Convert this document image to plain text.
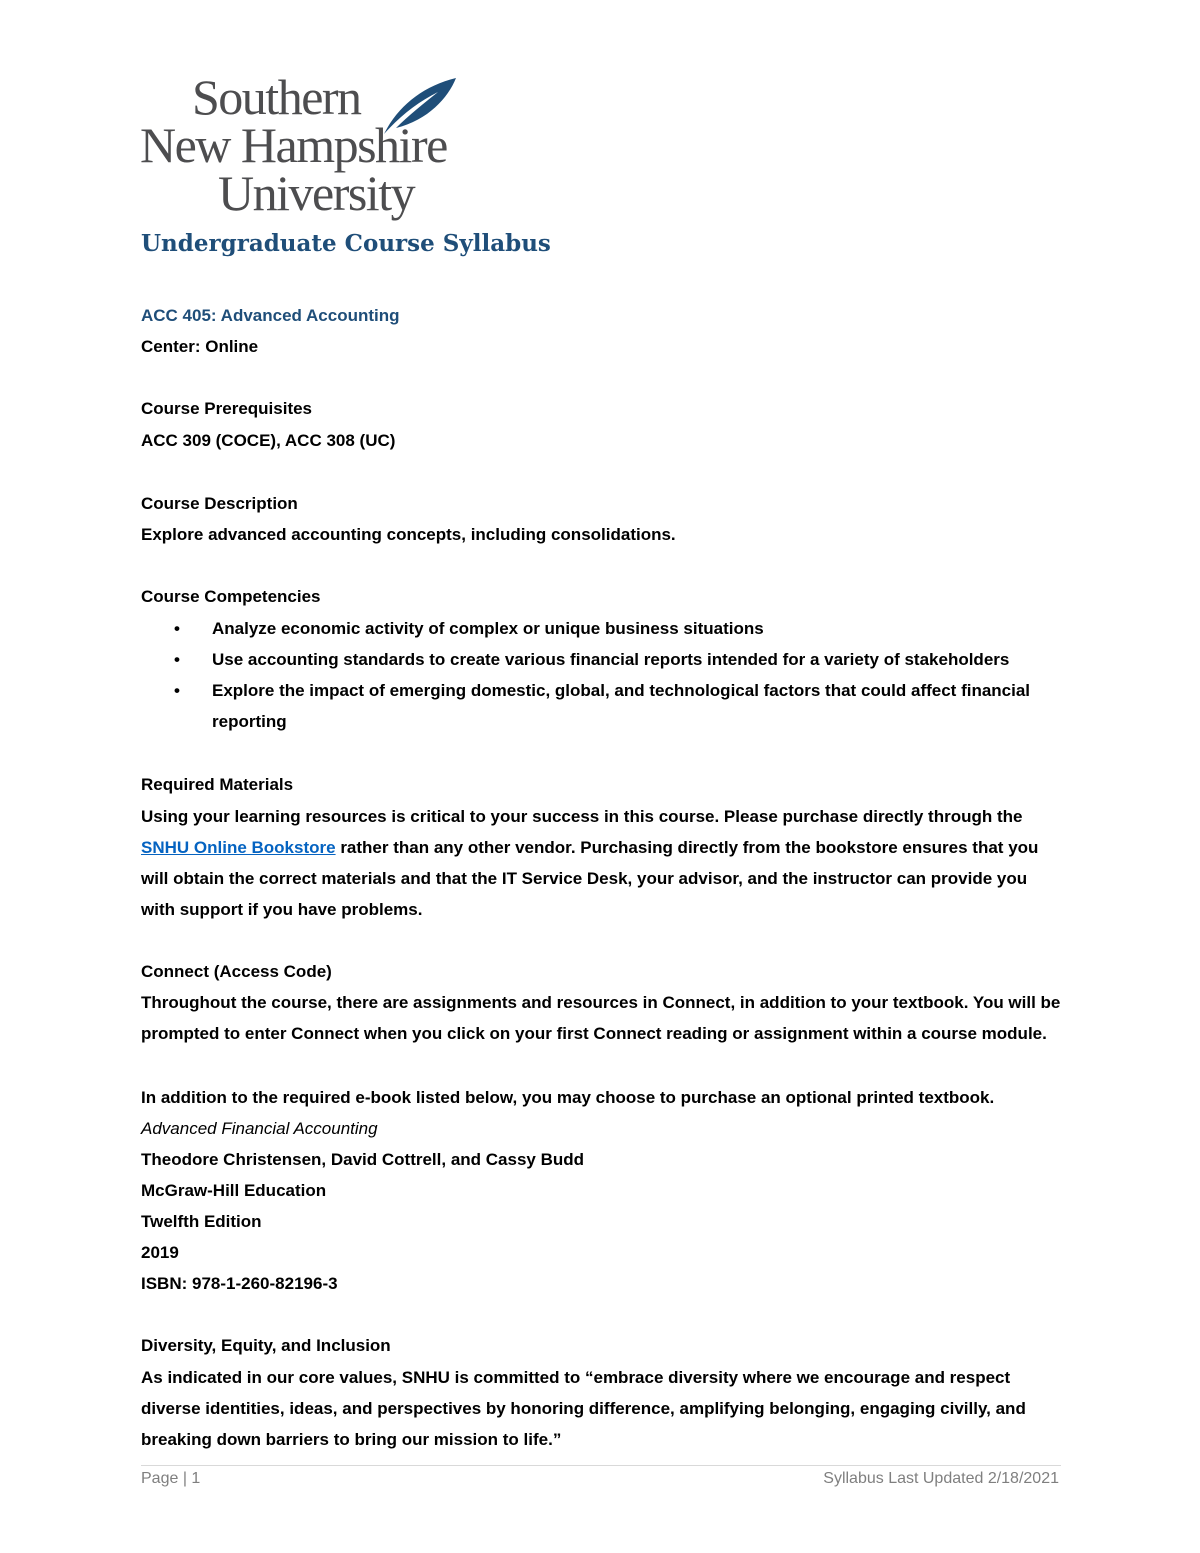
Southern
New Hampshire
University
Undergraduate Course Syllabus
ACC 405: Advanced Accounting
Center: Online
Course Prerequisites
ACC 309 (COCE), ACC 308 (UC)
Course Description
Explore advanced accounting concepts, including consolidations.
Course Competencies
• Analyze economic activity of complex or unique business situations
• Use accounting standards to create various financial reports intended for a variety of stakeholders
• Explore the impact of emerging domestic, global, and technological factors that could affect financial reporting
Required Materials
Using your learning resources is critical to your success in this course. Please purchase directly through the SNHU Online Bookstore rather than any other vendor. Purchasing directly from the bookstore ensures that you will obtain the correct materials and that the IT Service Desk, your advisor, and the instructor can provide you with support if you have problems.
Connect (Access Code)
Throughout the course, there are assignments and resources in Connect, in addition to your textbook. You will be prompted to enter Connect when you click on your first Connect reading or assignment within a course module.
In addition to the required e-book listed below, you may choose to purchase an optional printed textbook.
Advanced Financial Accounting
Theodore Christensen, David Cottrell, and Cassy Budd
McGraw-Hill Education
Twelfth Edition
2019
ISBN: 978-1-260-82196-3
Diversity, Equity, and Inclusion
As indicated in our core values, SNHU is committed to “embrace diversity where we encourage and respect diverse identities, ideas, and perspectives by honoring difference, amplifying belonging, engaging civilly, and breaking down barriers to bring our mission to life.”
Page | 1	Syllabus Last Updated 2/18/2021
